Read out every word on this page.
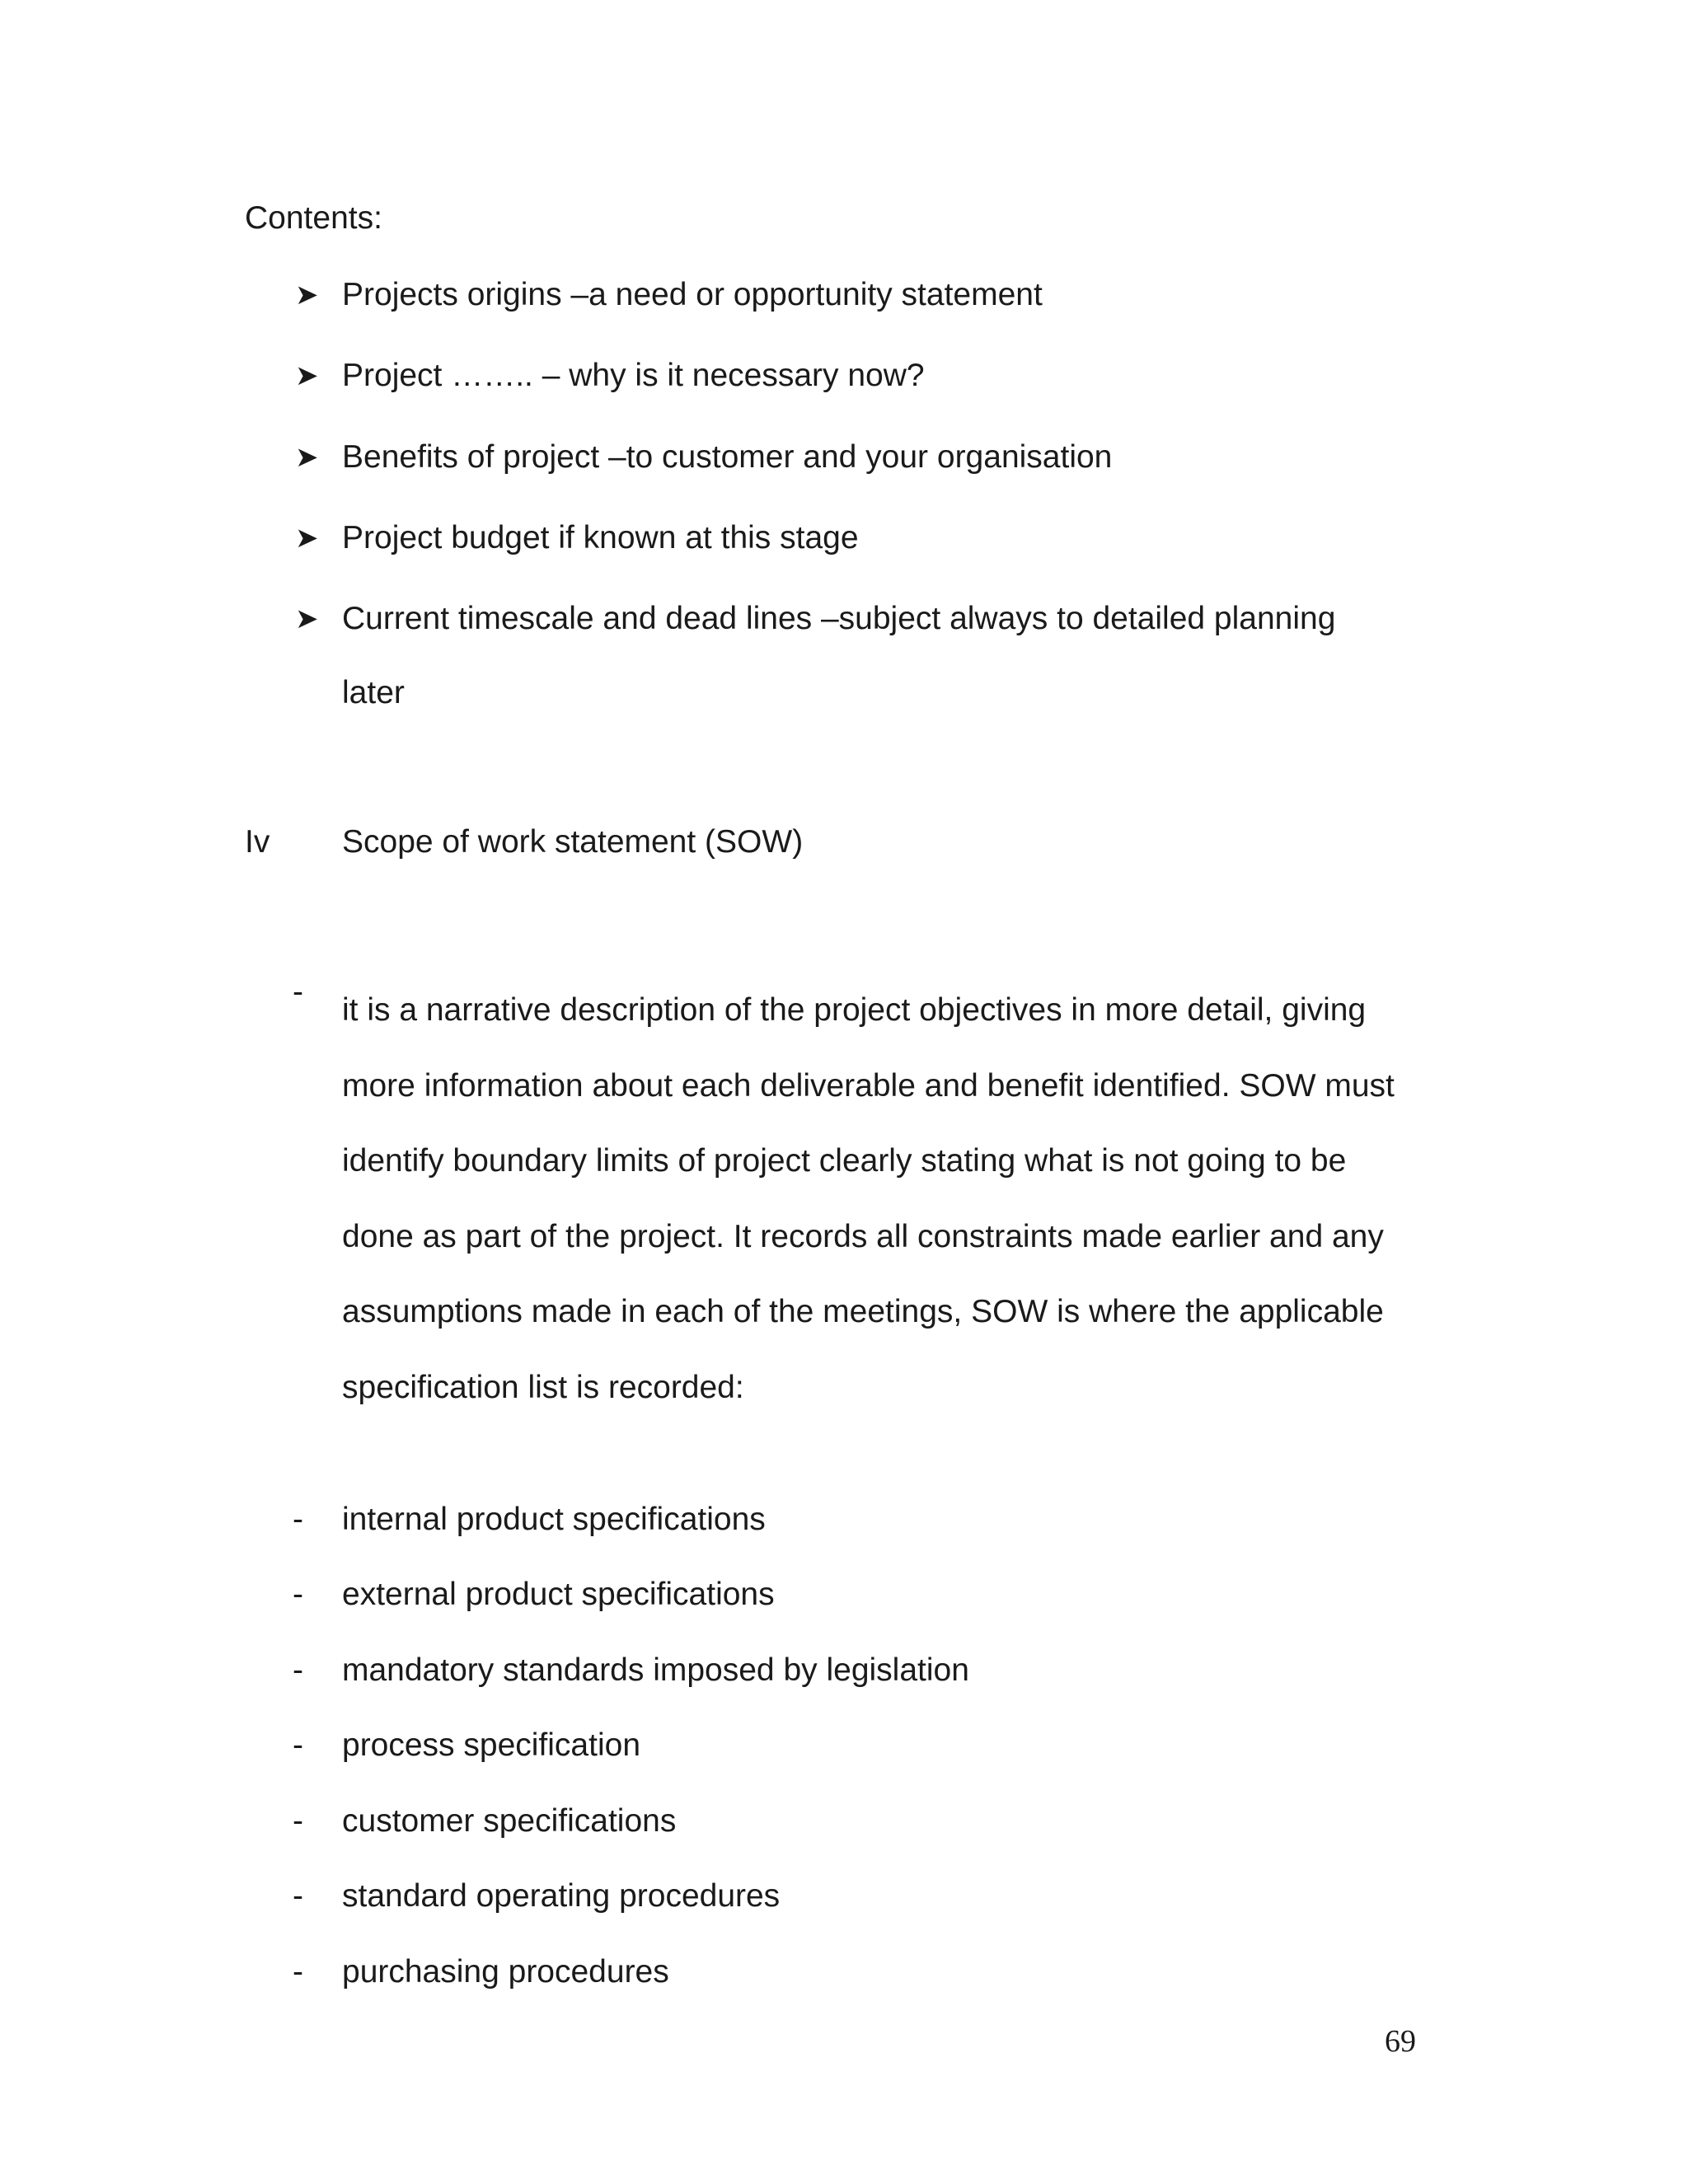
Contents:
➤ Projects origins –a need or opportunity statement
➤ Project …….. – why is it necessary now?
➤ Benefits of project –to customer and your organisation
➤ Project budget if known at this stage
➤ Current timescale and dead lines –subject always to detailed planning
later
Iv Scope of work statement (SOW)
-
it is a narrative description of the project objectives in more detail, giving
more information about each deliverable and benefit identified. SOW must
identify boundary limits of project clearly stating what is not going to be
done as part of the project. It records all constraints made earlier and any
assumptions made in each of the meetings, SOW is where the applicable
specification list is recorded:
- internal product specifications
- external product specifications
- mandatory standards imposed by legislation
- process specification
- customer specifications
- standard operating procedures
- purchasing procedures
69
